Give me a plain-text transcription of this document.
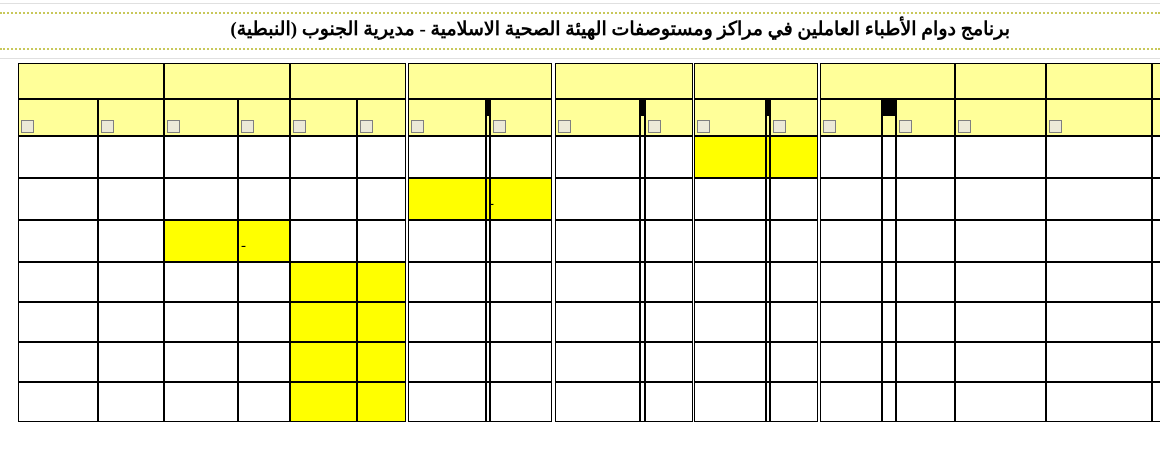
برنامج دوام الأطباء العاملين في مراكز ومستوصفات الهيئة الصحية الاسلامية - مديرية الجنوب (النبطية)
-
-
